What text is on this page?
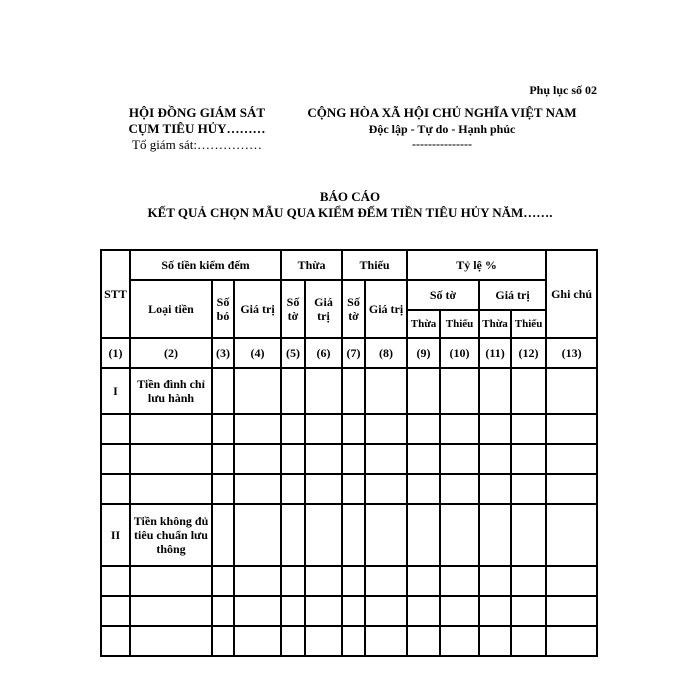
Phụ lục số 02
HỘI ĐỒNG GIÁM SÁT
CỤM TIÊU HỦY………
Tổ giám sát:……………
CỘNG HÒA XÃ HỘI CHỦ NGHĨA VIỆT NAM
Độc lập - Tự do - Hạnh phúc
---------------
BÁO CÁO
KẾT QUẢ CHỌN MẪU QUA KIỂM ĐẾM TIỀN TIÊU HỦY NĂM…….
STT	Số tiền kiểm đếm			Thừa		Thiếu		Tỷ lệ %				Ghi chú
	Loại tiền	Số bó	Giá trị	Số tờ	Giá trị	Số tờ	Giá trị	Số tờ		Giá trị		
								Thừa	Thiếu	Thừa	Thiếu	
(1)	(2)	(3)	(4)	(5)	(6)	(7)	(8)	(9)	(10)	(11)	(12)	(13)
I	Tiền đình chỉ lưu hành											

II	Tiền không đủ tiêu chuẩn lưu thông											
